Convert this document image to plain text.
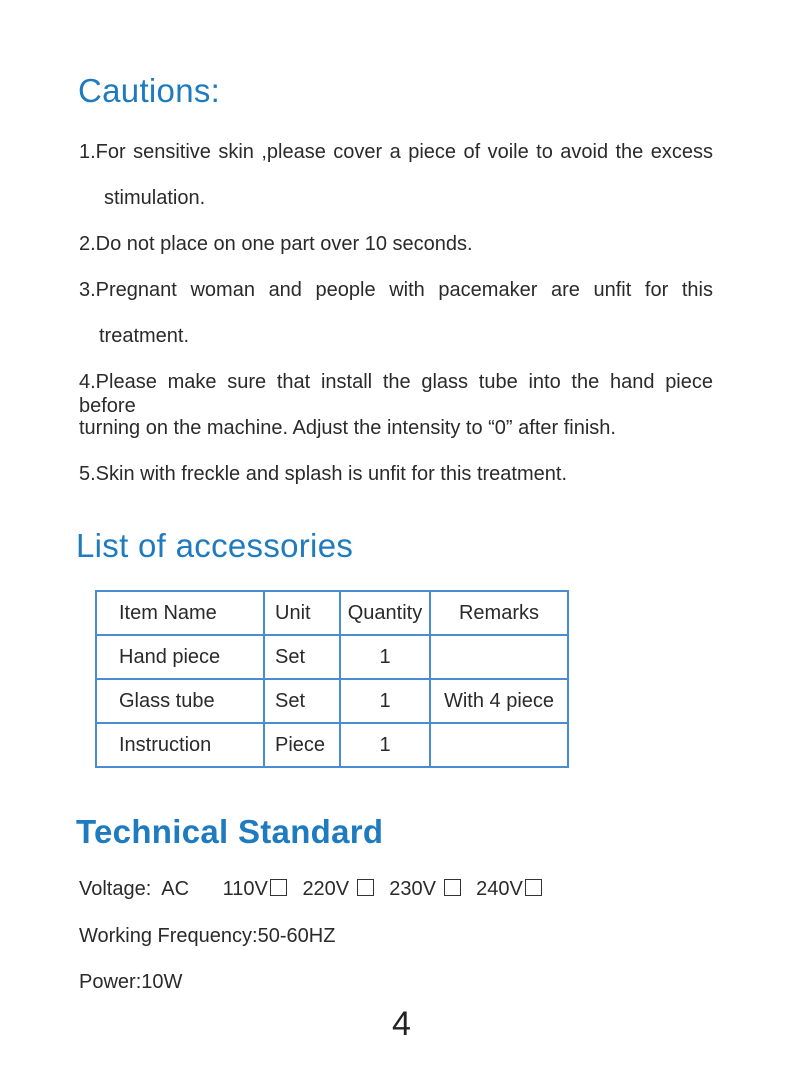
Cautions:

1.For sensitive skin ,please cover a piece of voile to avoid the excess

stimulation.

2.Do not place on one part over 10 seconds.

3.Pregnant woman and people with pacemaker are unfit for this

treatment.

4.Please make sure that install the glass tube into the hand piece before

turning on the machine. Adjust the intensity to “0” after finish.

5.Skin with freckle and splash is unfit for this treatment.

List of accessories
Item Name	Unit	Quantity	Remarks
Hand piece	Set	1	
Glass tube	Set	1	With 4 piece
Instruction	Piece	1	
Technical Standard
Voltage:  AC 110V 220V 230V 240V

Working Frequency:50-60HZ

Power:10W

4
